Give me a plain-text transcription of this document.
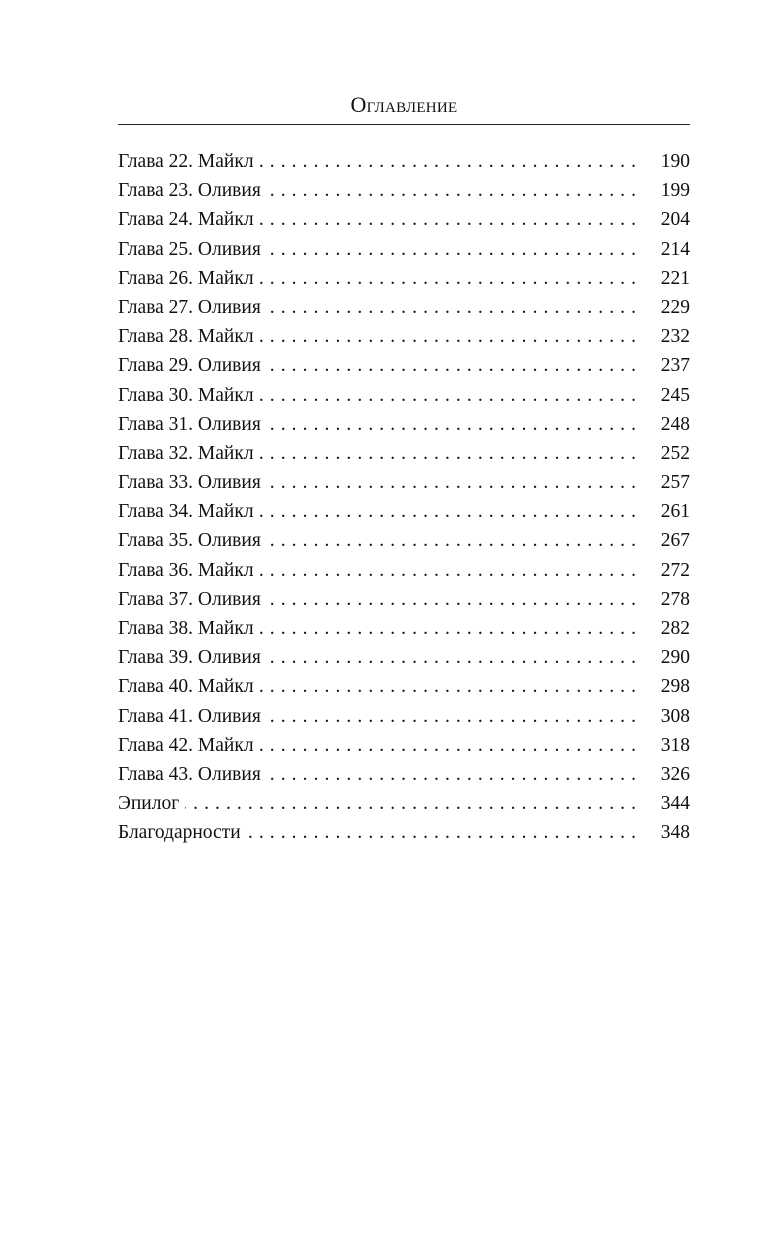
Оглавление
Глава 22. Майкл . . .	190
Глава 23. Оливия . . .	199
Глава 24. Майкл . . .	204
Глава 25. Оливия . . .	214
Глава 26. Майкл . . .	221
Глава 27. Оливия . . .	229
Глава 28. Майкл . . .	232
Глава 29. Оливия . . .	237
Глава 30. Майкл . . .	245
Глава 31. Оливия . . .	248
Глава 32. Майкл . . .	252
Глава 33. Оливия . . .	257
Глава 34. Майкл . . .	261
Глава 35. Оливия . . .	267
Глава 36. Майкл . . .	272
Глава 37. Оливия . . .	278
Глава 38. Майкл . . .	282
Глава 39. Оливия . . .	290
Глава 40. Майкл . . .	298
Глава 41. Оливия . . .	308
Глава 42. Майкл . . .	318
Глава 43. Оливия . . .	326
Эпилог . . .	344
Благодарности . . .	348
